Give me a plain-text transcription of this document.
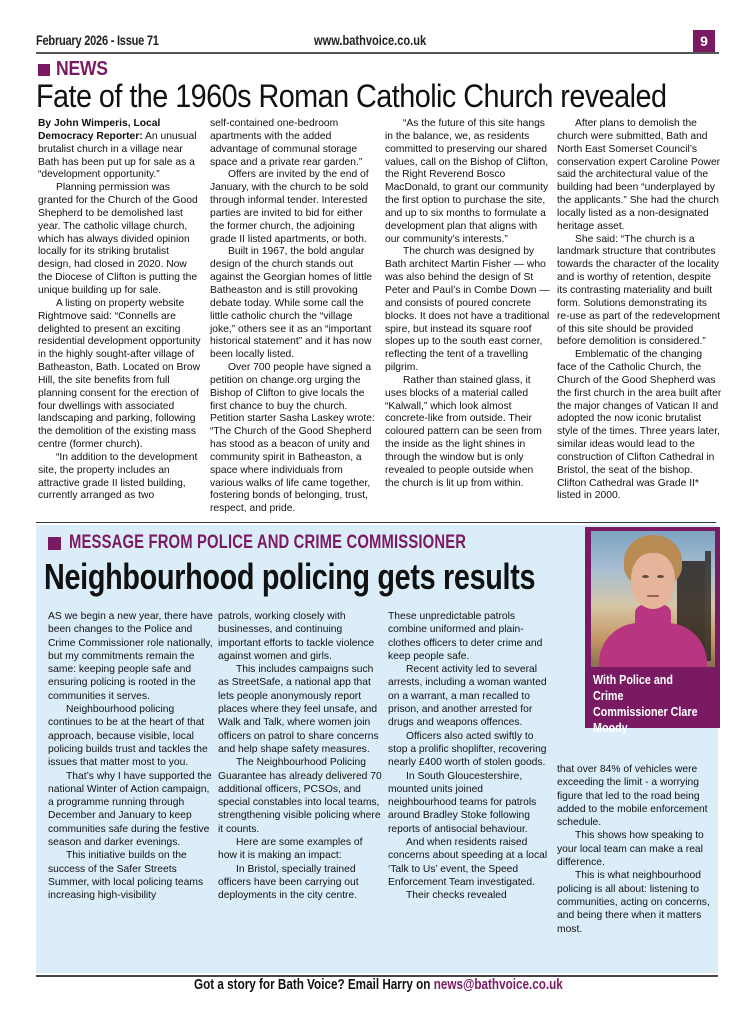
February 2026 - Issue 71	www.bathvoice.co.uk	9
NEWS
Fate of the 1960s Roman Catholic Church revealed

By John Wimperis, Local Democracy Reporter: An unusual brutalist church in a village near Bath has been put up for sale as a “development opportunity.”

Planning permission was granted for the Church of the Good Shepherd to be demolished last year. The catholic village church, which has always divided opinion locally for its striking brutalist design, had closed in 2020. Now the Diocese of Clifton is putting the unique building up for sale.

A listing on property website Rightmove said: “Connells are delighted to present an exciting residential development opportunity in the highly sought-after village of Batheaston, Bath. Located on Brow Hill, the site benefits from full planning consent for the erection of four dwellings with associated landscaping and parking, following the demolition of the existing mass centre (former church).

“In addition to the development site, the property includes an attractive grade II listed building, currently arranged as two

self-contained one-bedroom apartments with the added advantage of communal storage space and a private rear garden.”

Offers are invited by the end of January, with the church to be sold through informal tender. Interested parties are invited to bid for either the former church, the adjoining grade II listed apartments, or both.

Built in 1967, the bold angular design of the church stands out against the Georgian homes of little Batheaston and is still provoking debate today. While some call the little catholic church the “village joke,” others see it as an “important historical statement” and it has now been locally listed.

Over 700 people have signed a petition on change.org urging the Bishop of Clifton to give locals the first chance to buy the church. Petition starter Sasha Laskey wrote: “The Church of the Good Shepherd has stood as a beacon of unity and community spirit in Batheaston, a space where individuals from various walks of life came together, fostering bonds of belonging, trust, respect, and pride.

“As the future of this site hangs in the balance, we, as residents committed to preserving our shared values, call on the Bishop of Clifton, the Right Reverend Bosco MacDonald, to grant our community the first option to purchase the site, and up to six months to formulate a development plan that aligns with our community’s interests.”

The church was designed by Bath architect Martin Fisher — who was also behind the design of St Peter and Paul’s in Combe Down — and consists of poured concrete blocks. It does not have a traditional spire, but instead its square roof slopes up to the south east corner, reflecting the tent of a travelling pilgrim.

Rather than stained glass, it uses blocks of a material called “Kalwall,” which look almost concrete-like from outside. Their coloured pattern can be seen from the inside as the light shines in through the window but is only revealed to people outside when the church is lit up from within.

After plans to demolish the church were submitted, Bath and North East Somerset Council’s conservation expert Caroline Power said the architectural value of the building had been “underplayed by the applicants.” She had the church locally listed as a non-designated heritage asset.

She said: “The church is a landmark structure that contributes towards the character of the locality and is worthy of retention, despite its contrasting materiality and built form. Solutions demonstrating its re-use as part of the redevelopment of this site should be provided before demolition is considered.”

Emblematic of the changing face of the Catholic Church, the Church of the Good Shepherd was the first church in the area built after the major changes of Vatican II and adopted the now iconic brutalist style of the times. Three years later, similar ideas would lead to the construction of Clifton Cathedral in Bristol, the seat of the bishop. Clifton Cathedral was Grade II* listed in 2000.

MESSAGE FROM POLICE AND CRIME COMMISSIONER
Neighbourhood policing gets results
With Police and Crime Commissioner Clare Moody

AS we begin a new year, there have been changes to the Police and Crime Commissioner role nationally, but my commitments remain the same: keeping people safe and ensuring policing is rooted in the communities it serves.

Neighbourhood policing continues to be at the heart of that approach, because visible, local policing builds trust and tackles the issues that matter most to you.

That’s why I have supported the national Winter of Action campaign, a programme running through December and January to keep communities safe during the festive season and darker evenings.

This initiative builds on the success of the Safer Streets Summer, with local policing teams increasing high-visibility

patrols, working closely with businesses, and continuing important efforts to tackle violence against women and girls.

This includes campaigns such as StreetSafe, a national app that lets people anonymously report places where they feel unsafe, and Walk and Talk, where women join officers on patrol to share concerns and help shape safety measures.

The Neighbourhood Policing Guarantee has already delivered 70 additional officers, PCSOs, and special constables into local teams, strengthening visible policing where it counts.

Here are some examples of how it is making an impact:

In Bristol, specially trained officers have been carrying out deployments in the city centre.

These unpredictable patrols combine uniformed and plain-clothes officers to deter crime and keep people safe.

Recent activity led to several arrests, including a woman wanted on a warrant, a man recalled to prison, and another arrested for drugs and weapons offences.

Officers also acted swiftly to stop a prolific shoplifter, recovering nearly £400 worth of stolen goods.

In South Gloucestershire, mounted units joined neighbourhood teams for patrols around Bradley Stoke following reports of antisocial behaviour.

And when residents raised concerns about speeding at a local ‘Talk to Us’ event, the Speed Enforcement Team investigated.

Their checks revealed

that over 84% of vehicles were exceeding the limit - a worrying figure that led to the road being added to the mobile enforcement schedule.

This shows how speaking to your local team can make a real difference.

This is what neighbourhood policing is all about: listening to communities, acting on concerns, and being there when it matters most.

Got a story for Bath Voice? Email Harry on news@bathvoice.co.uk
